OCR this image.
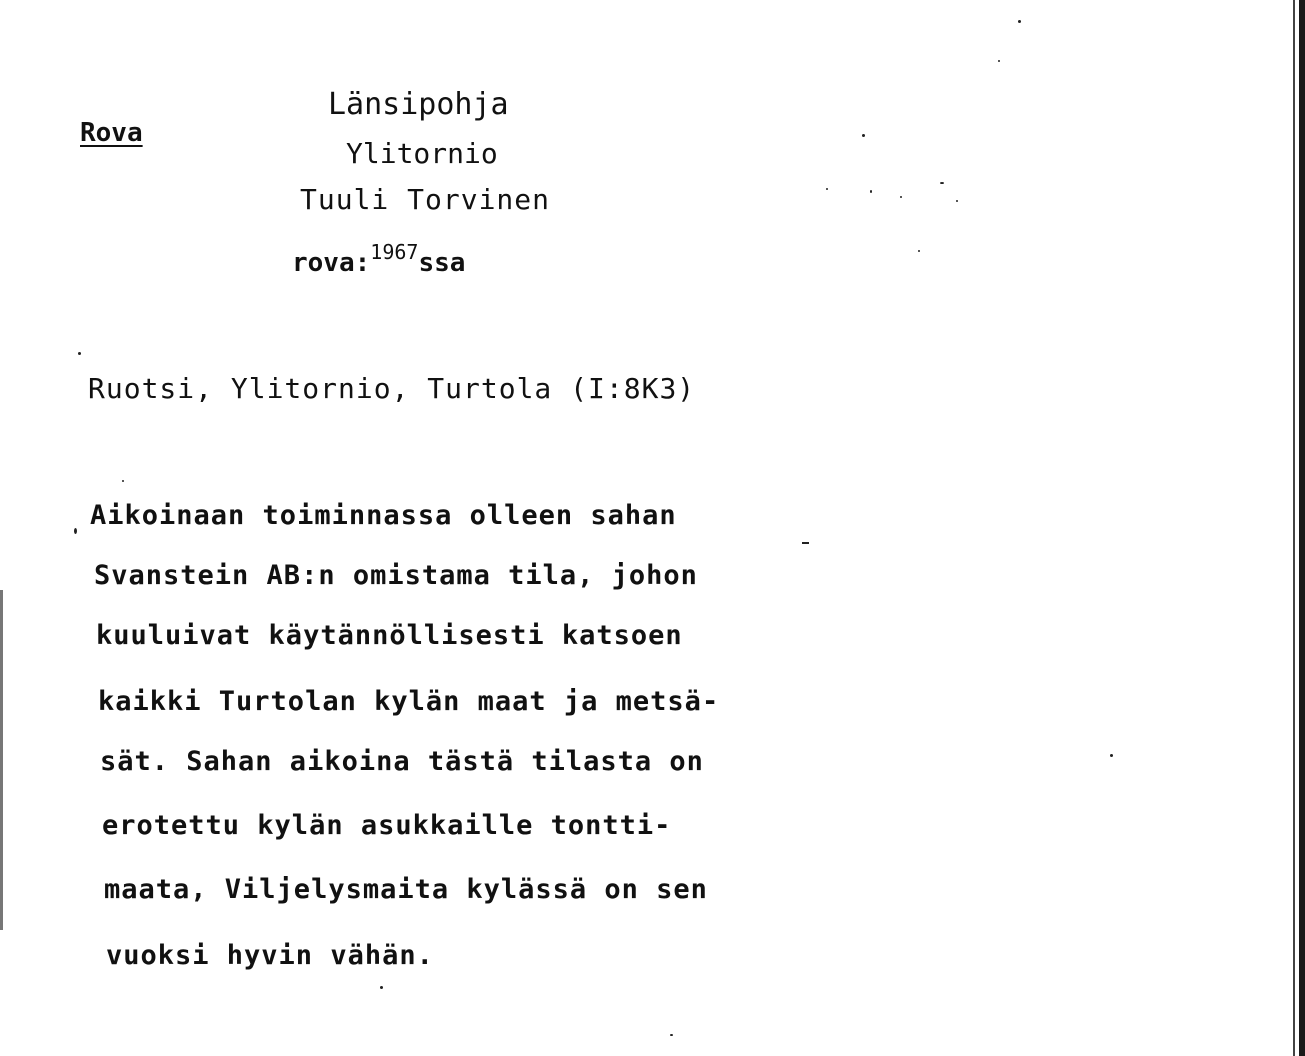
Rova
Länsipohja
Ylitornio
Tuuli Torvinen
rova:$^{1967}$ssa
Ruotsi, Ylitornio, Turtola (I:8K3)
Aikoinaan toiminnassa olleen sahan
Svanstein AB:n omistama tila, johon
kuuluivat käytännöllisesti katsoen
kaikki Turtolan kylän maat ja metsä-
sät. Sahan aikoina tästä tilasta on
erotettu kylän asukkaille tontti-
maata, Viljelysmaita kylässä on sen
vuoksi hyvin vähän.
